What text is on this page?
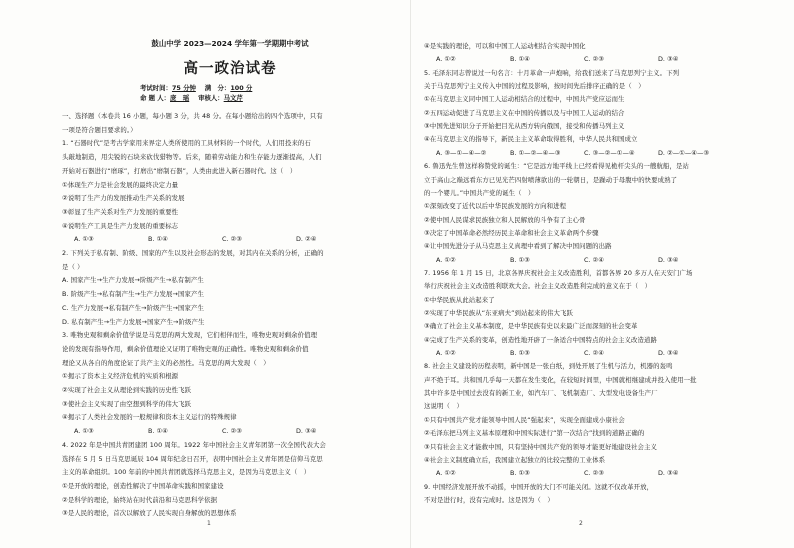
鼓山中学 2023—2024 学年第一学期期中考试
高一政治试卷
考试时间：75 分钟 满　分：100 分
命 题 人：庞　瑶 审核人：马文芹
一、选择题（本卷共 16 小题，每小题 3 分，共 48 分。在每小题给出的四个选项中，只有
一项是符合题目要求的。）
1. “石器时代”是考古学家用来界定人类所使用的工具材料的一个时代，人们用投来的石
头敲地制造，用尖锐的石块来砍伐猎物等。后来，随着劳动能力和生存能力逐渐提高，人们
开始对石器进行“磨琢”，打磨出“磨制石器”，人类由此进入新石器时代。这（　）
①体现生产力是社会发展的最终决定力量
②说明了生产力的发展推动生产关系的发展
③彰显了生产关系对生产力发展的重要性
④说明生产工具是生产力发展的重要标志
A. ①③	B. ①④	C. ②③	D. ②④
2. 下列关于私有制、阶级、国家的产生以及社会形态的发展，对其内在关系的分析，正确的
是（ ）
A. 国家产生→生产力发展→阶级产生→私有制产生
B. 阶级产生→私有制产生→生产力发展→国家产生
C. 生产力发展→私有制产生→阶级产生→国家产生
D. 私有制产生→生产力发展→国家产生→阶级产生
3. 唯物史观和剩余价值学说是马克思的两大发现，它们相伴而生，唯物史观对剩余价值理
论的发现有指导作用，剩余价值理论又证明了唯物史观的正确性。唯物史观和剩余价值
理论又从各自的角度论证了共产主义的必然性。马克思的两大发现（　）
①揭示了资本主义经济危机的实质和根源
②实现了社会主义从理论到实践的历史性飞跃
③使社会主义实现了由空想到科学的伟大飞跃
④揭示了人类社会发展的一般规律和资本主义运行的特殊规律
A. ①③	B. ①④	C. ②③	D. ③④
4. 2022 年是中国共青团建团 100 周年。1922 年中国社会主义青年团第一次全国代表大会
选择在 5 月 5 日马克思诞辰 104 周年纪念日召开，表明中国社会主义青年团是信仰马克思
主义的革命组织。100 年前的中国共青团就选择马克思主义，是因为马克思主义（　）
①是开放的理论，创造性解决了中国革命实践和国家建设
②是科学的理论，始终站在时代前沿和马克思科学依据
③是人民的理论，首次以解放了人民实现自身解放的思想体系
1
④是实践的理论，可以和中国工人运动相结合实现中国化
A. ①②	B. ①④	C. ②③	D. ③④
5. 毛泽东同志曾说过一句名言：十月革命一声炮响，给我们送来了马克思列宁主义。下列
关于马克思列宁主义传入中国的过程及影响，按时间先后排序正确的是（　）
①在马克思主义同中国工人运动相结合的过程中，中国共产党应运而生
②五四运动促进了马克思主义在中国的传播以及与中国工人运动的结合
③中国先进知识分子开始把目光从西方转向俄国，接受和传播马列主义
④在马克思主义的指导下，新民主主义革命取得胜利，中华人民共和国成立
A. ③—①—④—②	B. ①—②—④—③	C. ③—②—①—④	D. ②—①—④—③
6. 鲁迅先生曾这样称赞党的诞生：“它是远方地平线上已经看得见桅杆尖头的一艘航船，是站
立于高山之巅远看东方已见光芒四射喷薄欲出的一轮朝日，是躁动于母腹中的快要成熟了
的一个婴儿。”中国共产党的诞生（　）
①深刻改变了近代以后中华民族发展的方向和进程
②使中国人民谋求民族独立和人民解放的斗争有了主心骨
③决定了中国革命必然经历民主革命和社会主义革命两个步骤
④让中国先进分子从马克思主义真理中看到了解决中国问题的出路
A. ①②	B. ①③	C. ②④	D. ③④
7. 1956 年 1 月 15 日，北京各界庆祝社会主义改造胜利，首都各界 20 多万人在天安门广场
举行庆祝社会主义改造胜利联欢大会。社会主义改造胜利完成的意义在于（　）
①中华民族从此站起来了
②实现了中华民族从“东亚病夫”到站起来的伟大飞跃
③确立了社会主义基本制度，是中华民族有史以来最广泛而深刻的社会变革
④完成了生产关系的变革，创造性地开辟了一条适合中国特点的社会主义改造道路
A. ①②	B. ①③	C. ②④	D. ③④
8. 社会主义建设的历程表明，新中国是一张白纸，到处开展了生机与活力，机器的轰鸣
声不绝于耳。共和国几乎每一天都在发生变化，在较短时间里，中国就相继建成并投入使用一批
其中许多是中国过去没有的新工业，如汽车厂、飞机制造厂、大型发电设备生产厂
这说明（　）
①只有中国共产党才能领导中国人民“强起来”，实现全面建成小康社会
②毛泽东把马列主义基本原理和中国实际进行“第一次结合”找到的道路正确的
③只有社会主义才能救中国，只有坚持中国共产党的领导才能更好地建设社会主义
④社会主义制度确立后，我国建立起独立的比较完整的工业体系
A. ①②	B. ①③	C. ②③	D. ③④
9. 中国经济发展开放不动摇，中国开放的大门不可能关闭。这就不仅改革开放，
不对是进行时，没有完成时。这是因为（　）
2
